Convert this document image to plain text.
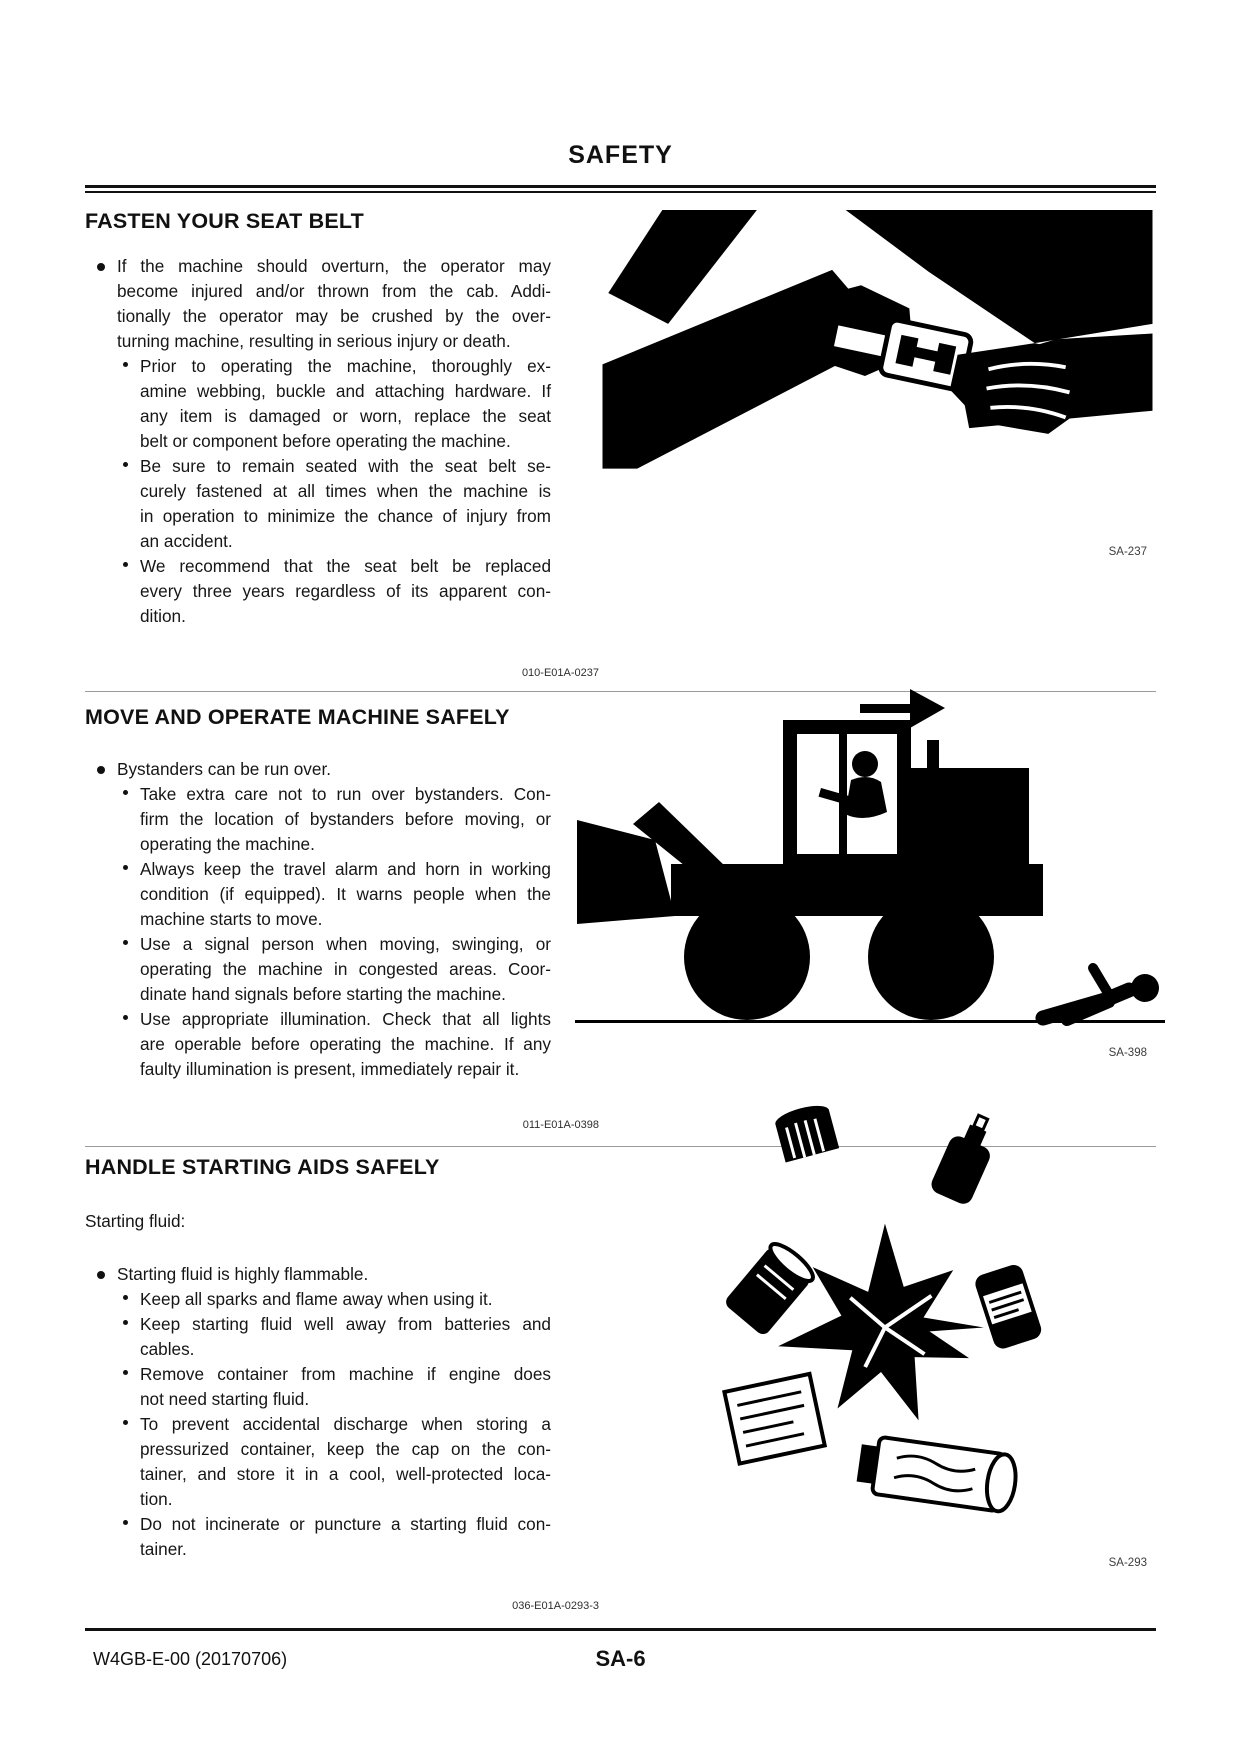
SAFETY
FASTEN YOUR SEAT BELT
If the machine should overturn, the operator may
become injured and/or thrown from the cab. Addi-
tionally the operator may be crushed by the over-
turning machine, resulting in serious injury or death.
Prior to operating the machine, thoroughly ex-
amine webbing, buckle and attaching hardware. If
any item is damaged or worn, replace the seat
belt or component before operating the machine.
Be sure to remain seated with the seat belt se-
curely fastened at all times when the machine is
in operation to minimize the chance of injury from
an accident.
We recommend that the seat belt be replaced
every three years regardless of its apparent con-
dition.
SA-237
010-E01A-0237
MOVE AND OPERATE MACHINE SAFELY
Bystanders can be run over.
Take extra care not to run over bystanders. Con-
firm the location of bystanders before moving, or
operating the machine.
Always keep the travel alarm and horn in working
condition (if equipped). It warns people when the
machine starts to move.
Use a signal person when moving, swinging, or
operating the machine in congested areas. Coor-
dinate hand signals before starting the machine.
Use appropriate illumination. Check that all lights
are operable before operating the machine. If any
faulty illumination is present, immediately repair it.
SA-398
011-E01A-0398
HANDLE STARTING AIDS SAFELY
Starting fluid:
Starting fluid is highly flammable.
Keep all sparks and flame away when using it.
Keep starting fluid well away from batteries and
cables.
Remove container from machine if engine does
not need starting fluid.
To prevent accidental discharge when storing a
pressurized container, keep the cap on the con-
tainer, and store it in a cool, well-protected loca-
tion.
Do not incinerate or puncture a starting fluid con-
tainer.
SA-293
036-E01A-0293-3
W4GB-E-00 (20170706)	SA-6
